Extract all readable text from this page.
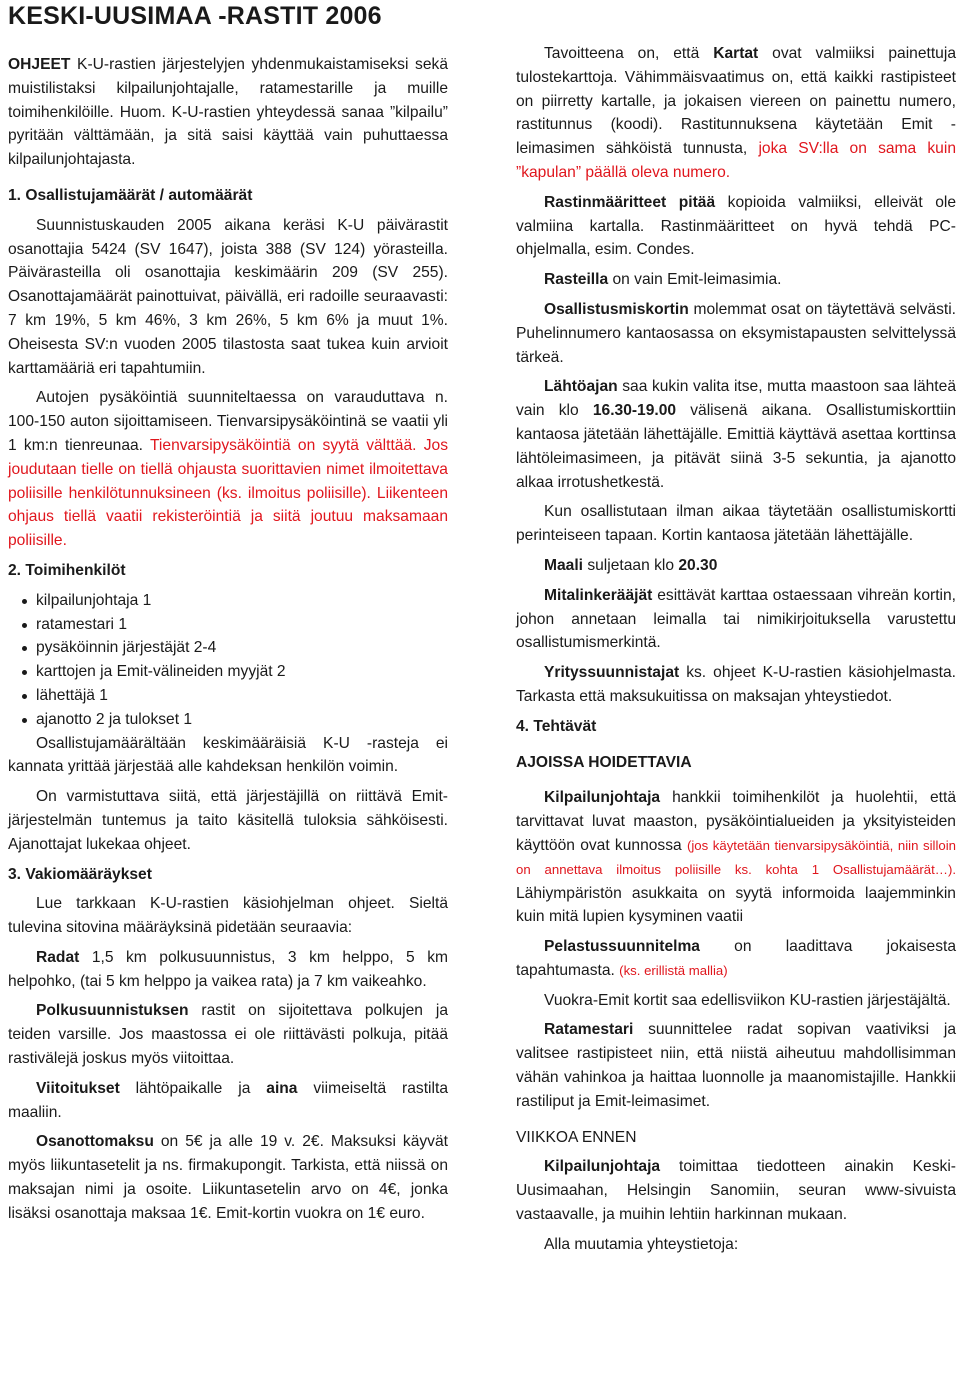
KESKI-UUSIMAA -RASTIT 2006

OHJEET K-U-rastien järjestelyjen yhdenmukaistamiseksi sekä muistilistaksi kilpailunjohtajalle, ratamestarille ja muille toimihenkilöille. Huom. K-U-rastien yhteydessä sanaa ”kilpailu” pyritään välttämään, ja sitä saisi käyttää vain puhuttaessa kilpailunjohtajasta.

1. Osallistujamäärät / automäärät

Suunnistuskauden 2005 aikana keräsi K-U päivärastit osanottajia 5424 (SV 1647), joista 388 (SV 124) yörasteilla. Päivärasteilla oli osanottajia keskimäärin 209 (SV 255). Osanottajamäärät painottuivat, päivällä, eri radoille seuraavasti: 7 km 19%, 5 km 46%, 3 km 26%, 5 km 6% ja muut 1%. Oheisesta SV:n vuoden 2005 tilastosta saat tukea kuin arvioit karttamääriä eri tapahtumiin.

Autojen pysäköintiä suunniteltaessa on varauduttava n. 100-150 auton sijoittamiseen. Tienvarsipysäköintinä se vaatii yli 1 km:n tienreunaa. Tienvarsipysäköintiä on syytä välttää. Jos joudutaan tielle on tiellä ohjausta suorittavien nimet ilmoitettava poliisille henkilötunnuksineen (ks. ilmoitus poliisille). Liikenteen ohjaus tiellä vaatii rekisteröintiä ja siitä joutuu maksamaan poliisille.

2. Toimihenkilöt
kilpailunjohtaja 1
ratamestari 1
pysäköinnin järjestäjät 2-4
karttojen ja Emit-välineiden myyjät 2
lähettäjä 1
ajanotto 2 ja tulokset 1

Osallistujamäärältään keskimääräisiä K-U -rasteja ei kannata yrittää järjestää alle kahdeksan henkilön voimin.

On varmistuttava siitä, että järjestäjillä on riittävä Emit-järjestelmän tuntemus ja taito käsitellä tuloksia sähköisesti. Ajanottajat lukekaa ohjeet.

3. Vakiomääräykset

Lue tarkkaan K-U-rastien käsiohjelman ohjeet. Sieltä tulevina sitovina määräyksinä pidetään seuraavia:

Radat 1,5 km polkusuunnistus, 3 km helppo, 5 km helpohko, (tai 5 km helppo ja vaikea rata) ja 7 km vaikeahko.

Polkusuunnistuksen rastit on sijoitettava polkujen ja teiden varsille. Jos maastossa ei ole riittävästi polkuja, pitää rastivälejä joskus myös viitoittaa.

Viitoitukset lähtöpaikalle ja aina viimeiseltä rastilta maaliin.

Osanottomaksu on 5€ ja alle 19 v. 2€. Maksuksi käyvät myös liikuntasetelit ja ns. firmakupongit. Tarkista, että niissä on maksajan nimi ja osoite. Liikuntasetelin arvo on 4€, jonka lisäksi osanottaja maksaa 1€. Emit-kortin vuokra on 1€ euro.

Tavoitteena on, että Kartat ovat valmiiksi painettuja tulostekarttoja. Vähimmäisvaatimus on, että kaikki rastipisteet on piirretty kartalle, ja jokaisen viereen on painettu numero, rastitunnus (koodi). Rastitunnuksena käytetään Emit -leimasimen sähköistä tunnusta, joka SV:lla on sama kuin ”kapulan” päällä oleva numero.

Rastinmääritteet pitää kopioida valmiiksi, elleivät ole valmiina kartalla. Rastinmääritteet on hyvä tehdä PC-ohjelmalla, esim. Condes.

Rasteilla on vain Emit-leimasimia.

Osallistusmiskortin molemmat osat on täytettävä selvästi. Puhelinnumero kantaosassa on eksymistapausten selvittelyssä tärkeä.

Lähtöajan saa kukin valita itse, mutta maastoon saa lähteä vain klo 16.30-19.00 välisenä aikana. Osallistumiskorttiin kantaosa jätetään lähettäjälle. Emittiä käyttävä asettaa korttinsa lähtöleimasimeen, ja pitävät siinä 3-5 sekuntia, ja ajanotto alkaa irrotushetkestä.

Kun osallistutaan ilman aikaa täytetään osallistumiskortti perinteiseen tapaan. Kortin kantaosa jätetään lähettäjälle.

Maali suljetaan klo 20.30

Mitalinkerääjät esittävät karttaa ostaessaan vihreän kortin, johon annetaan leimalla tai nimikirjoituksella varustettu osallistumismerkintä.

Yrityssuunnistajat ks. ohjeet K-U-rastien käsiohjelmasta. Tarkasta että maksukuitissa on maksajan yhteystiedot.

4. Tehtävät
AJOISSA HOIDETTAVIA

Kilpailunjohtaja hankkii toimihenkilöt ja huolehtii, että tarvittavat luvat maaston, pysäköintialueiden ja yksityisteiden käyttöön ovat kunnossa (jos käytetään tienvarsipysäköintiä, niin silloin on annettava ilmoitus poliisille ks. kohta 1 Osallistujamäärät…). Lähiympäristön asukkaita on syytä informoida laajemminkin kuin mitä lupien kysyminen vaatii

Pelastussuunnitelma on laadittava jokaisesta tapahtumasta. (ks. erillistä mallia)

Vuokra-Emit kortit saa edellisviikon KU-rastien järjestäjältä.

Ratamestari suunnittelee radat sopivan vaativiksi ja valitsee rastipisteet niin, että niistä aiheutuu mahdollisimman vähän vahinkoa ja haittaa luonnolle ja maanomistajille. Hankkii rastiliput ja Emit-leimasimet.

VIIKKOA ENNEN

Kilpailunjohtaja toimittaa tiedotteen ainakin Keski-Uusimaahan, Helsingin Sanomiin, seuran www-sivuista vastaavalle, ja muihin lehtiin harkinnan mukaan.

Alla muutamia yhteystietoja:
